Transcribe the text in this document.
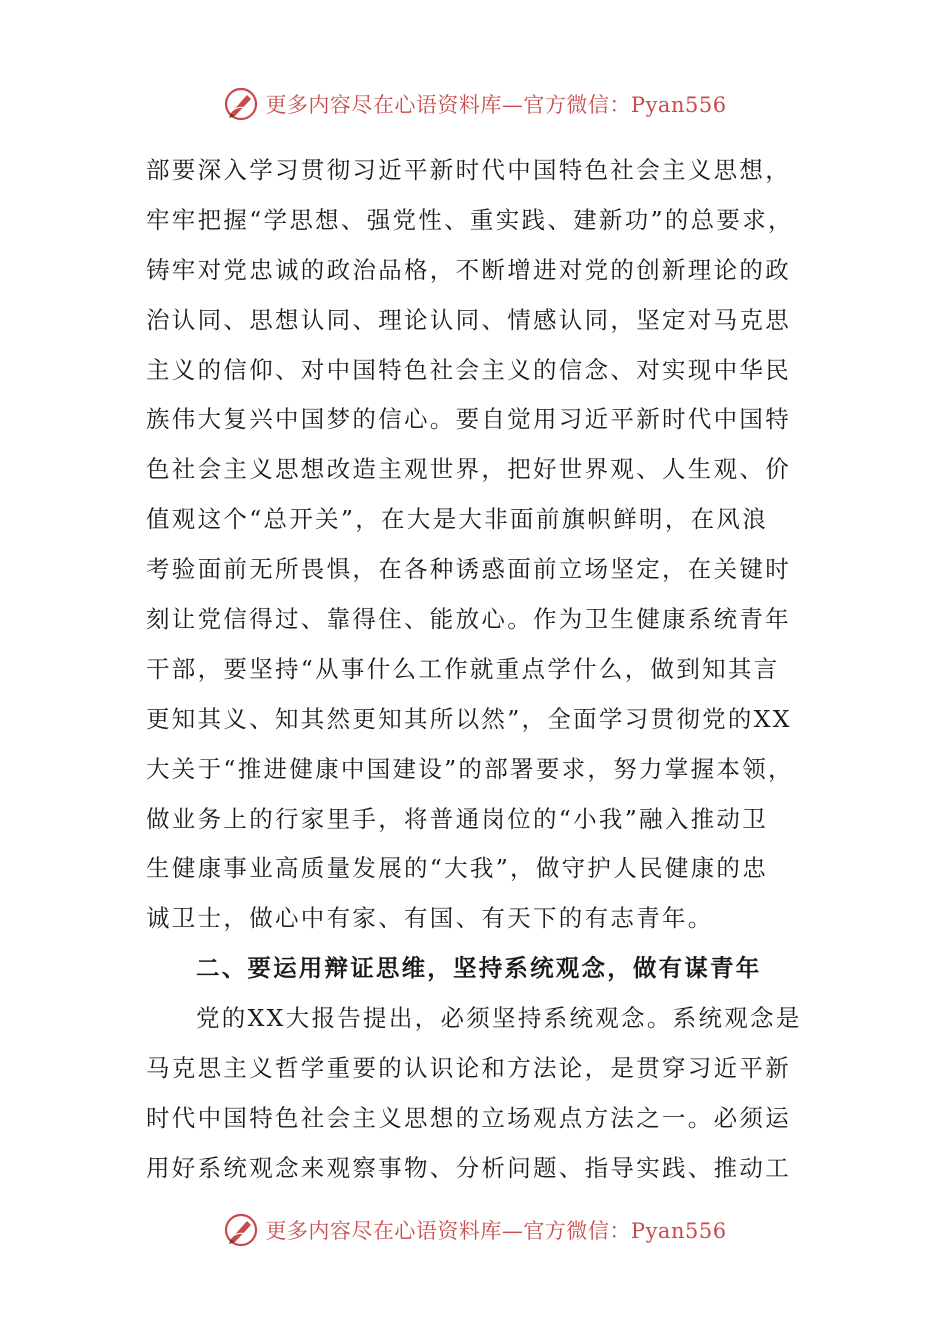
更多内容尽在心语资料库—官方微信：Pyan556
部要深入学习贯彻习近平新时代中国特色社会主义思想，
牢牢把握“学思想、强党性、重实践、建新功”的总要求，
铸牢对党忠诚的政治品格，不断增进对党的创新理论的政
治认同、思想认同、理论认同、情感认同，坚定对马克思
主义的信仰、对中国特色社会主义的信念、对实现中华民
族伟大复兴中国梦的信心。要自觉用习近平新时代中国特
色社会主义思想改造主观世界，把好世界观、人生观、价
值观这个“总开关”，在大是大非面前旗帜鲜明，在风浪
考验面前无所畏惧，在各种诱惑面前立场坚定，在关键时
刻让党信得过、靠得住、能放心。作为卫生健康系统青年
干部，要坚持“从事什么工作就重点学什么，做到知其言
更知其义、知其然更知其所以然”，全面学习贯彻党的XX
大关于“推进健康中国建设”的部署要求，努力掌握本领，
做业务上的行家里手，将普通岗位的“小我”融入推动卫
生健康事业高质量发展的“大我”，做守护人民健康的忠
诚卫士，做心中有家、有国、有天下的有志青年。
二、要运用辩证思维，坚持系统观念，做有谋青年
党的XX大报告提出，必须坚持系统观念。系统观念是
马克思主义哲学重要的认识论和方法论，是贯穿习近平新
时代中国特色社会主义思想的立场观点方法之一。必须运
用好系统观念来观察事物、分析问题、指导实践、推动工
更多内容尽在心语资料库—官方微信：Pyan556
